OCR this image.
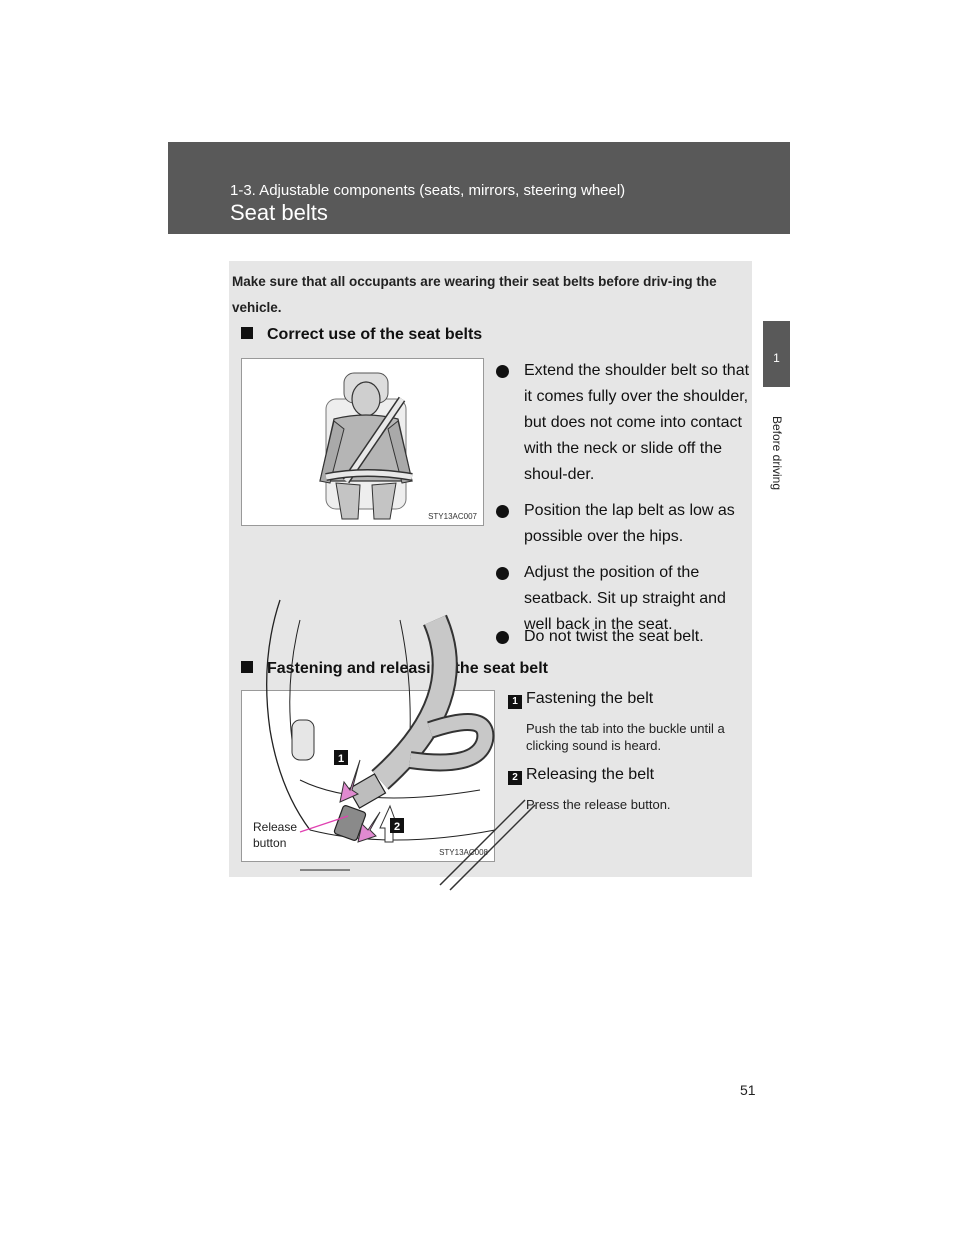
1-3. Adjustable components (seats, mirrors, steering wheel)
Seat belts
1
Before driving
Make sure that all occupants are wearing their seat belts before driv-ing the vehicle.
Correct use of the seat belts
STY13AC007
Extend the shoulder belt so that it comes fully over the shoulder, but does not come into contact with the neck or slide off the shoul-der.
Position the lap belt as low as possible over the hips.
Adjust the position of the seatback. Sit up straight and well back in the seat.
Do not twist the seat belt.
Fastening and releasing the seat belt
STY13AC008
1
2
Release button
1 Fastening the belt
Push the tab into the buckle until a clicking sound is heard.
2 Releasing the belt
Press the release button.
51
